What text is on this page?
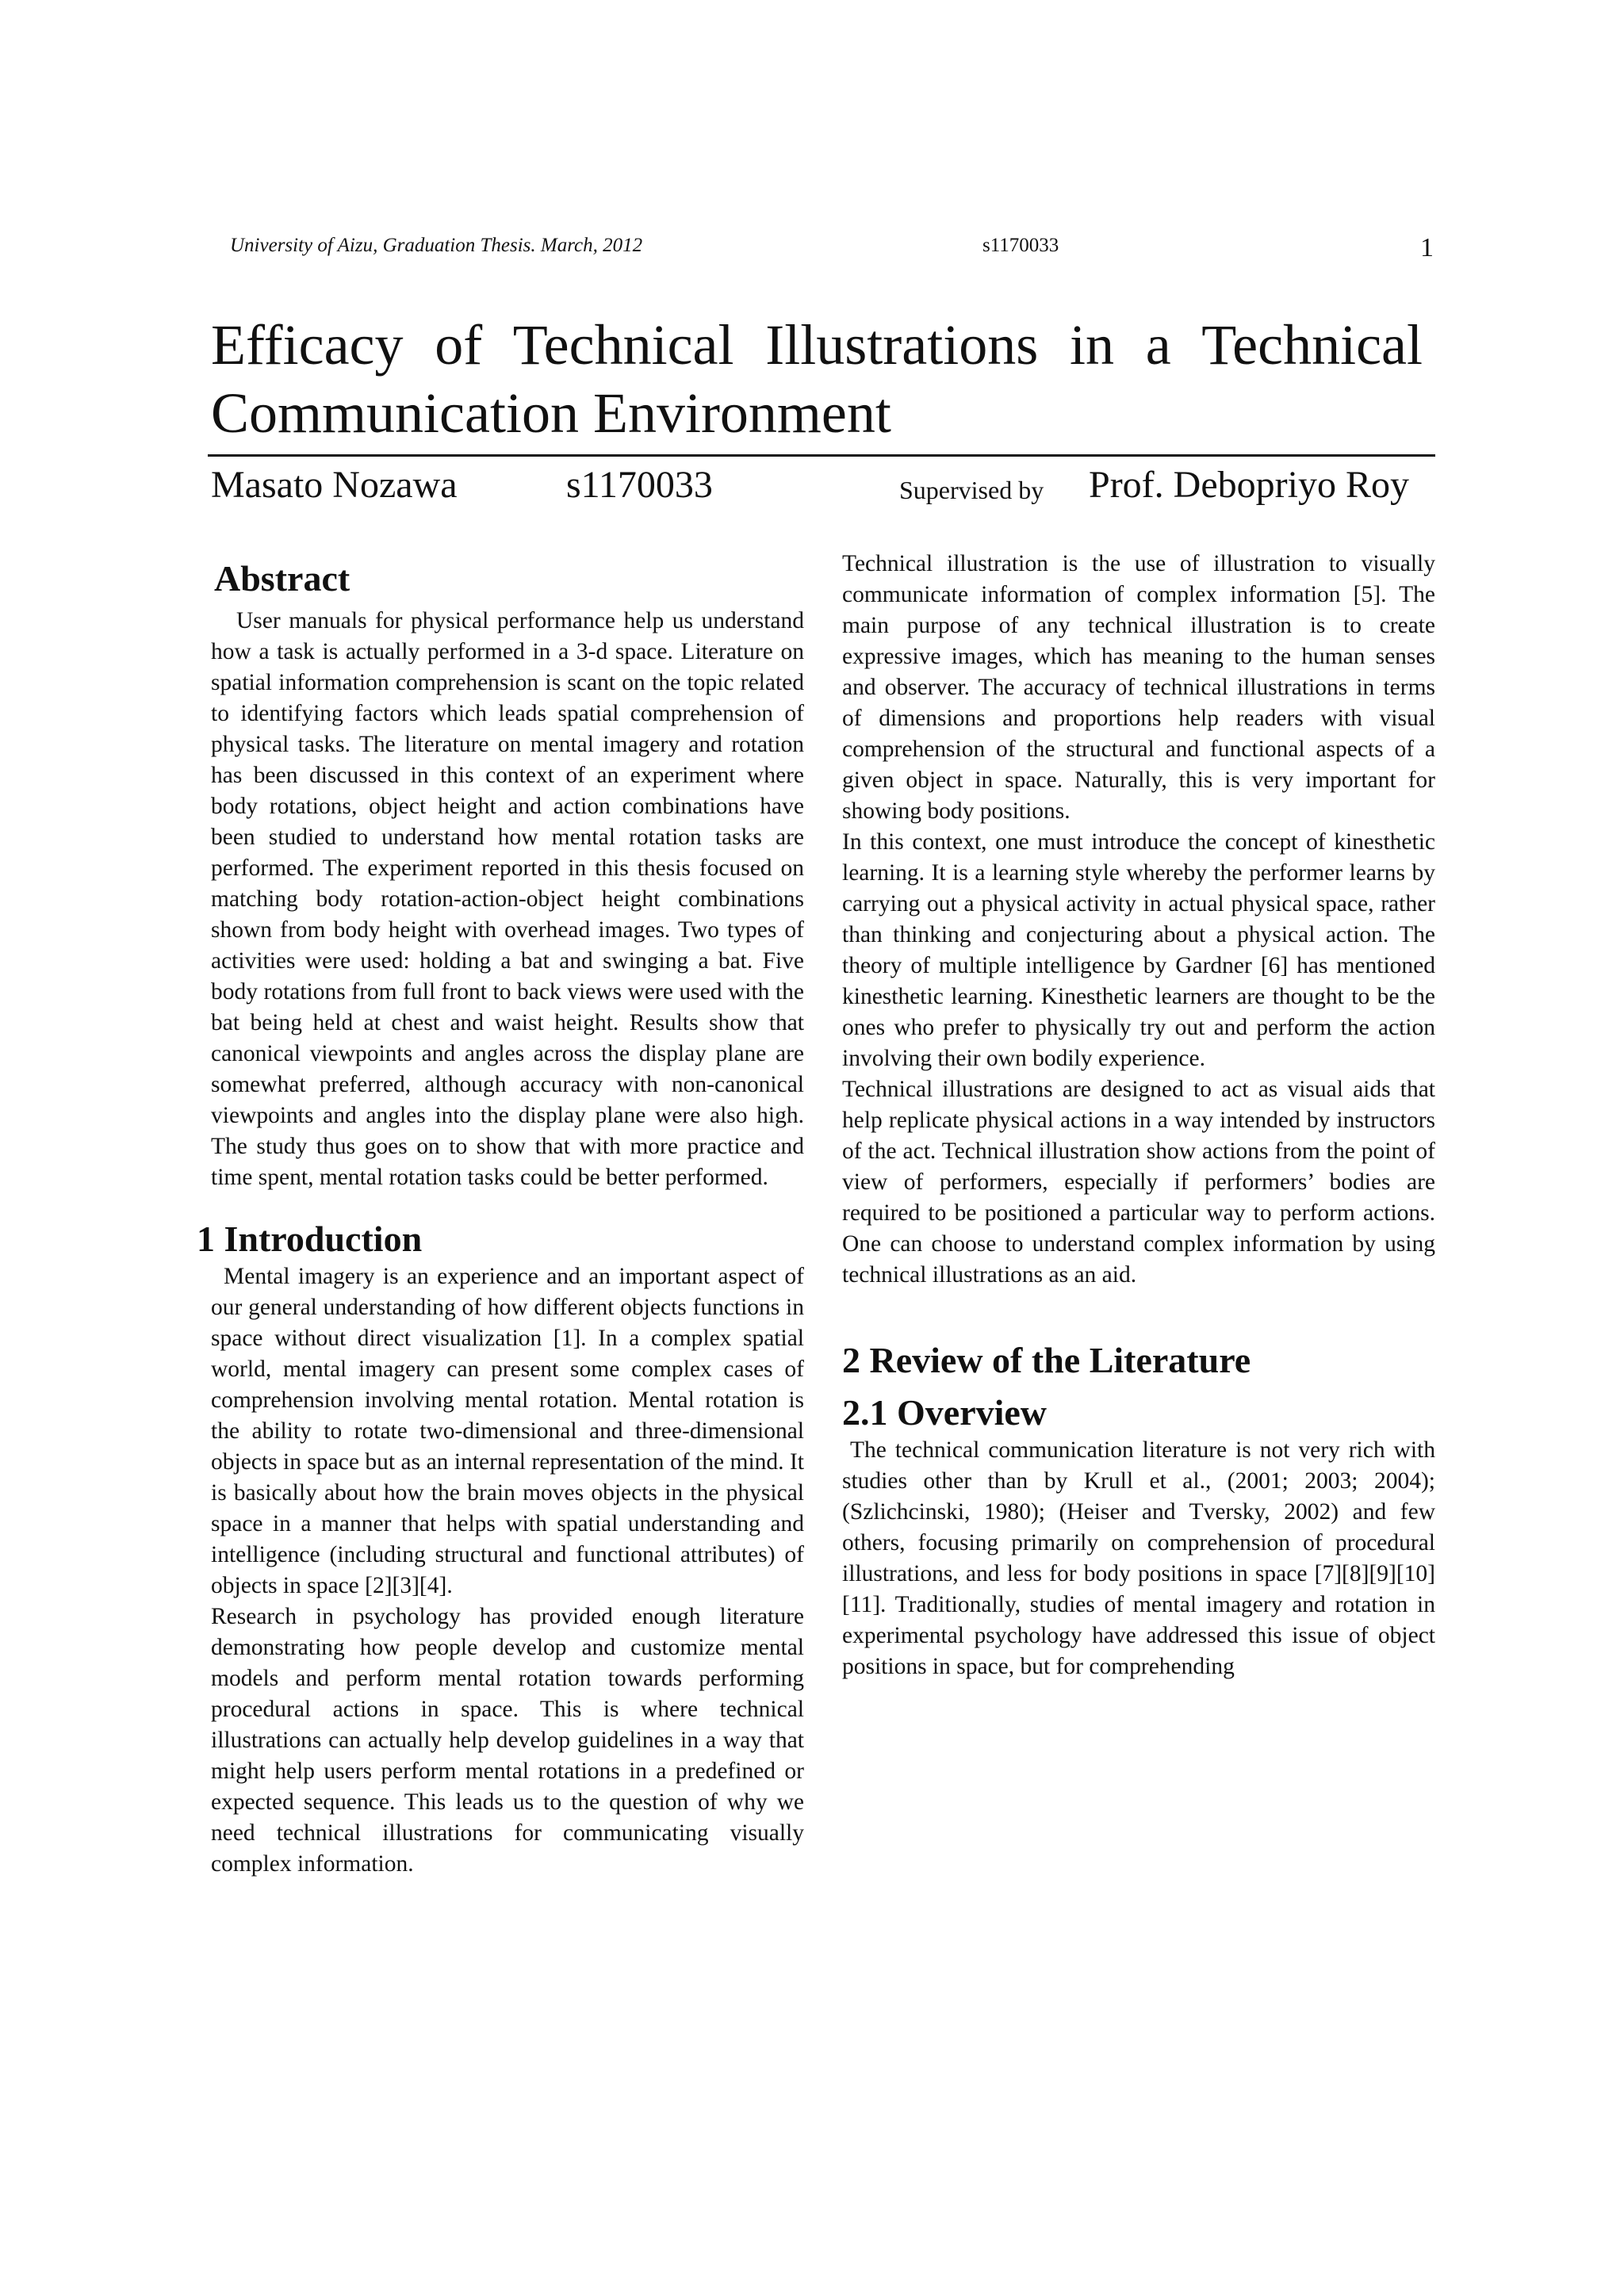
University of Aizu, Graduation Thesis. March, 2012	s1170033	1
Efficacy of Technical Illustrations in a Technical Communication Environment
Masato Nozawa	s1170033	Supervised by Prof. Debopriyo Roy
Abstract

User manuals for physical performance help us understand how a task is actually performed in a 3-d space. Literature on spatial information comprehension is scant on the topic related to identifying factors which leads spatial comprehension of physical tasks. The literature on mental imagery and rotation has been discussed in this context of an experiment where body rotations, object height and action combinations have been studied to understand how mental rotation tasks are performed. The experiment reported in this thesis focused on matching body rotation-action-object height combinations shown from body height with overhead images. Two types of activities were used: holding a bat and swinging a bat. Five body rotations from full front to back views were used with the bat being held at chest and waist height. Results show that canonical viewpoints and angles across the display plane are somewhat preferred, although accuracy with non-canonical viewpoints and angles into the display plane were also high. The study thus goes on to show that with more practice and time spent, mental rotation tasks could be better performed.

1 Introduction

Mental imagery is an experience and an important aspect of our general understanding of how different objects functions in space without direct visualization [1]. In a complex spatial world, mental imagery can present some complex cases of comprehension involving mental rotation. Mental rotation is the ability to rotate two-dimensional and three-dimensional objects in space but as an internal representation of the mind. It is basically about how the brain moves objects in the physical space in a manner that helps with spatial understanding and intelligence (including structural and functional attributes) of objects in space [2][3][4].

Research in psychology has provided enough literature demonstrating how people develop and customize mental models and perform mental rotation towards performing procedural actions in space. This is where technical illustrations can actually help develop guidelines in a way that might help users perform mental rotations in a predefined or expected sequence. This leads us to the question of why we need technical illustrations for communicating visually complex information.

Technical illustration is the use of illustration to visually communicate information of complex information [5]. The main purpose of any technical illustration is to create expressive images, which has meaning to the human senses and observer. The accuracy of technical illustrations in terms of dimensions and proportions help readers with visual comprehension of the structural and functional aspects of a given object in space. Naturally, this is very important for showing body positions.

In this context, one must introduce the concept of kinesthetic learning. It is a learning style whereby the performer learns by carrying out a physical activity in actual physical space, rather than thinking and conjecturing about a physical action. The theory of multiple intelligence by Gardner [6] has mentioned kinesthetic learning. Kinesthetic learners are thought to be the ones who prefer to physically try out and perform the action involving their own bodily experience.

Technical illustrations are designed to act as visual aids that help replicate physical actions in a way intended by instructors of the act. Technical illustration show actions from the point of view of performers, especially if performers’ bodies are required to be positioned a particular way to perform actions. One can choose to understand complex information by using technical illustrations as an aid.

2 Review of the Literature
2.1 Overview

The technical communication literature is not very rich with studies other than by Krull et al., (2001; 2003; 2004); (Szlichcinski, 1980); (Heiser and Tversky, 2002) and few others, focusing primarily on comprehension of procedural illustrations, and less for body positions in space [7][8][9][10][11]. Traditionally, studies of mental imagery and rotation in experimental psychology have addressed this issue of object positions in space, but for comprehending
